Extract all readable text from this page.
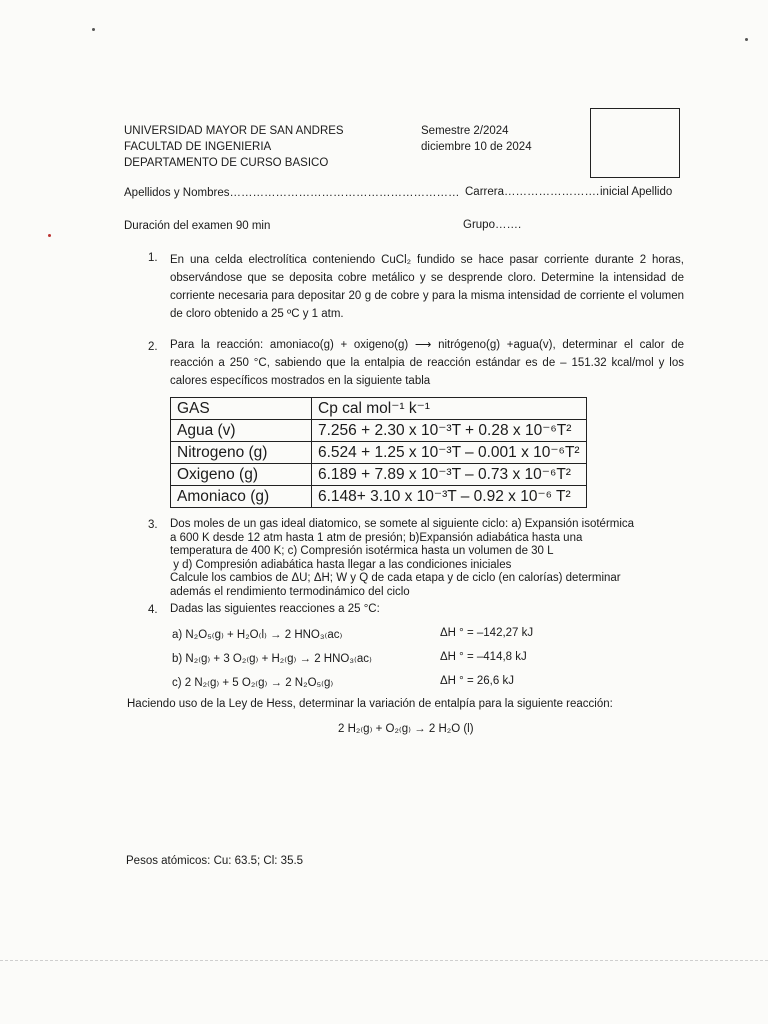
UNIVERSIDAD MAYOR DE SAN ANDRES
FACULTAD DE INGENIERIA
DEPARTAMENTO DE CURSO BASICO
Semestre 2/2024
diciembre 10 de 2024
Apellidos y Nombres…………………………………………………… Carrera……………………. inicial Apellido
Duración del examen 90 min	Grupo…….
1. En una celda electrolítica conteniendo CuCl₂ fundido se hace pasar corriente durante 2 horas, observándose que se deposita cobre metálico y se desprende cloro. Determine la intensidad de corriente necesaria para depositar 20 g de cobre y para la misma intensidad de corriente el volumen de cloro obtenido a 25 ºC y 1 atm.
2. Para la reacción: amoniaco(g) + oxigeno(g) ⟶ nitrógeno(g) +agua(v), determinar el calor de reacción a 250 °C, sabiendo que la entalpia de reacción estándar es de – 151.32 kcal/mol y los calores específicos mostrados en la siguiente tabla
GAS	Cp cal mol⁻¹ k⁻¹
Agua (v)	7.256 + 2.30 x 10⁻³T + 0.28 x 10⁻⁶T²
Nitrogeno (g)	6.524 + 1.25 x 10⁻³T – 0.001 x 10⁻⁶T²
Oxigeno (g)	6.189 + 7.89 x 10⁻³T – 0.73 x 10⁻⁶T²
Amoniaco (g)	6.148+ 3.10 x 10⁻³T – 0.92 x 10⁻⁶ T²
3. Dos moles de un gas ideal diatomico, se somete al siguiente ciclo: a) Expansión isotérmica
a 600 K desde 12 atm hasta 1 atm de presión; b)Expansión adiabática hasta una
temperatura de 400 K; c) Compresión isotérmica hasta un volumen de 30 L
y d) Compresión adiabática hasta llegar a las condiciones iniciales
Calcule los cambios de ΔU; ΔH; W y Q de cada etapa y de ciclo (en calorías) determinar
además el rendimiento termodinámico del ciclo
4. Dadas las siguientes reacciones a 25 °C:
a) N₂O₅₍g₎ + H₂O₍l₎ → 2 HNO₃₍ac₎	ΔH ° = –142,27 kJ
b) N₂₍g₎ + 3 O₂₍g₎ + H₂₍g₎ → 2 HNO₃₍ac₎	ΔH ° = –414,8 kJ
c) 2 N₂₍g₎ + 5 O₂₍g₎ → 2 N₂O₅₍g₎	ΔH ° = 26,6 kJ
Haciendo uso de la Ley de Hess, determinar la variación de entalpía para la siguiente reacción:
2 H₂₍g₎ + O₂₍g₎ → 2 H₂O (l)
Pesos atómicos: Cu: 63.5; Cl: 35.5
